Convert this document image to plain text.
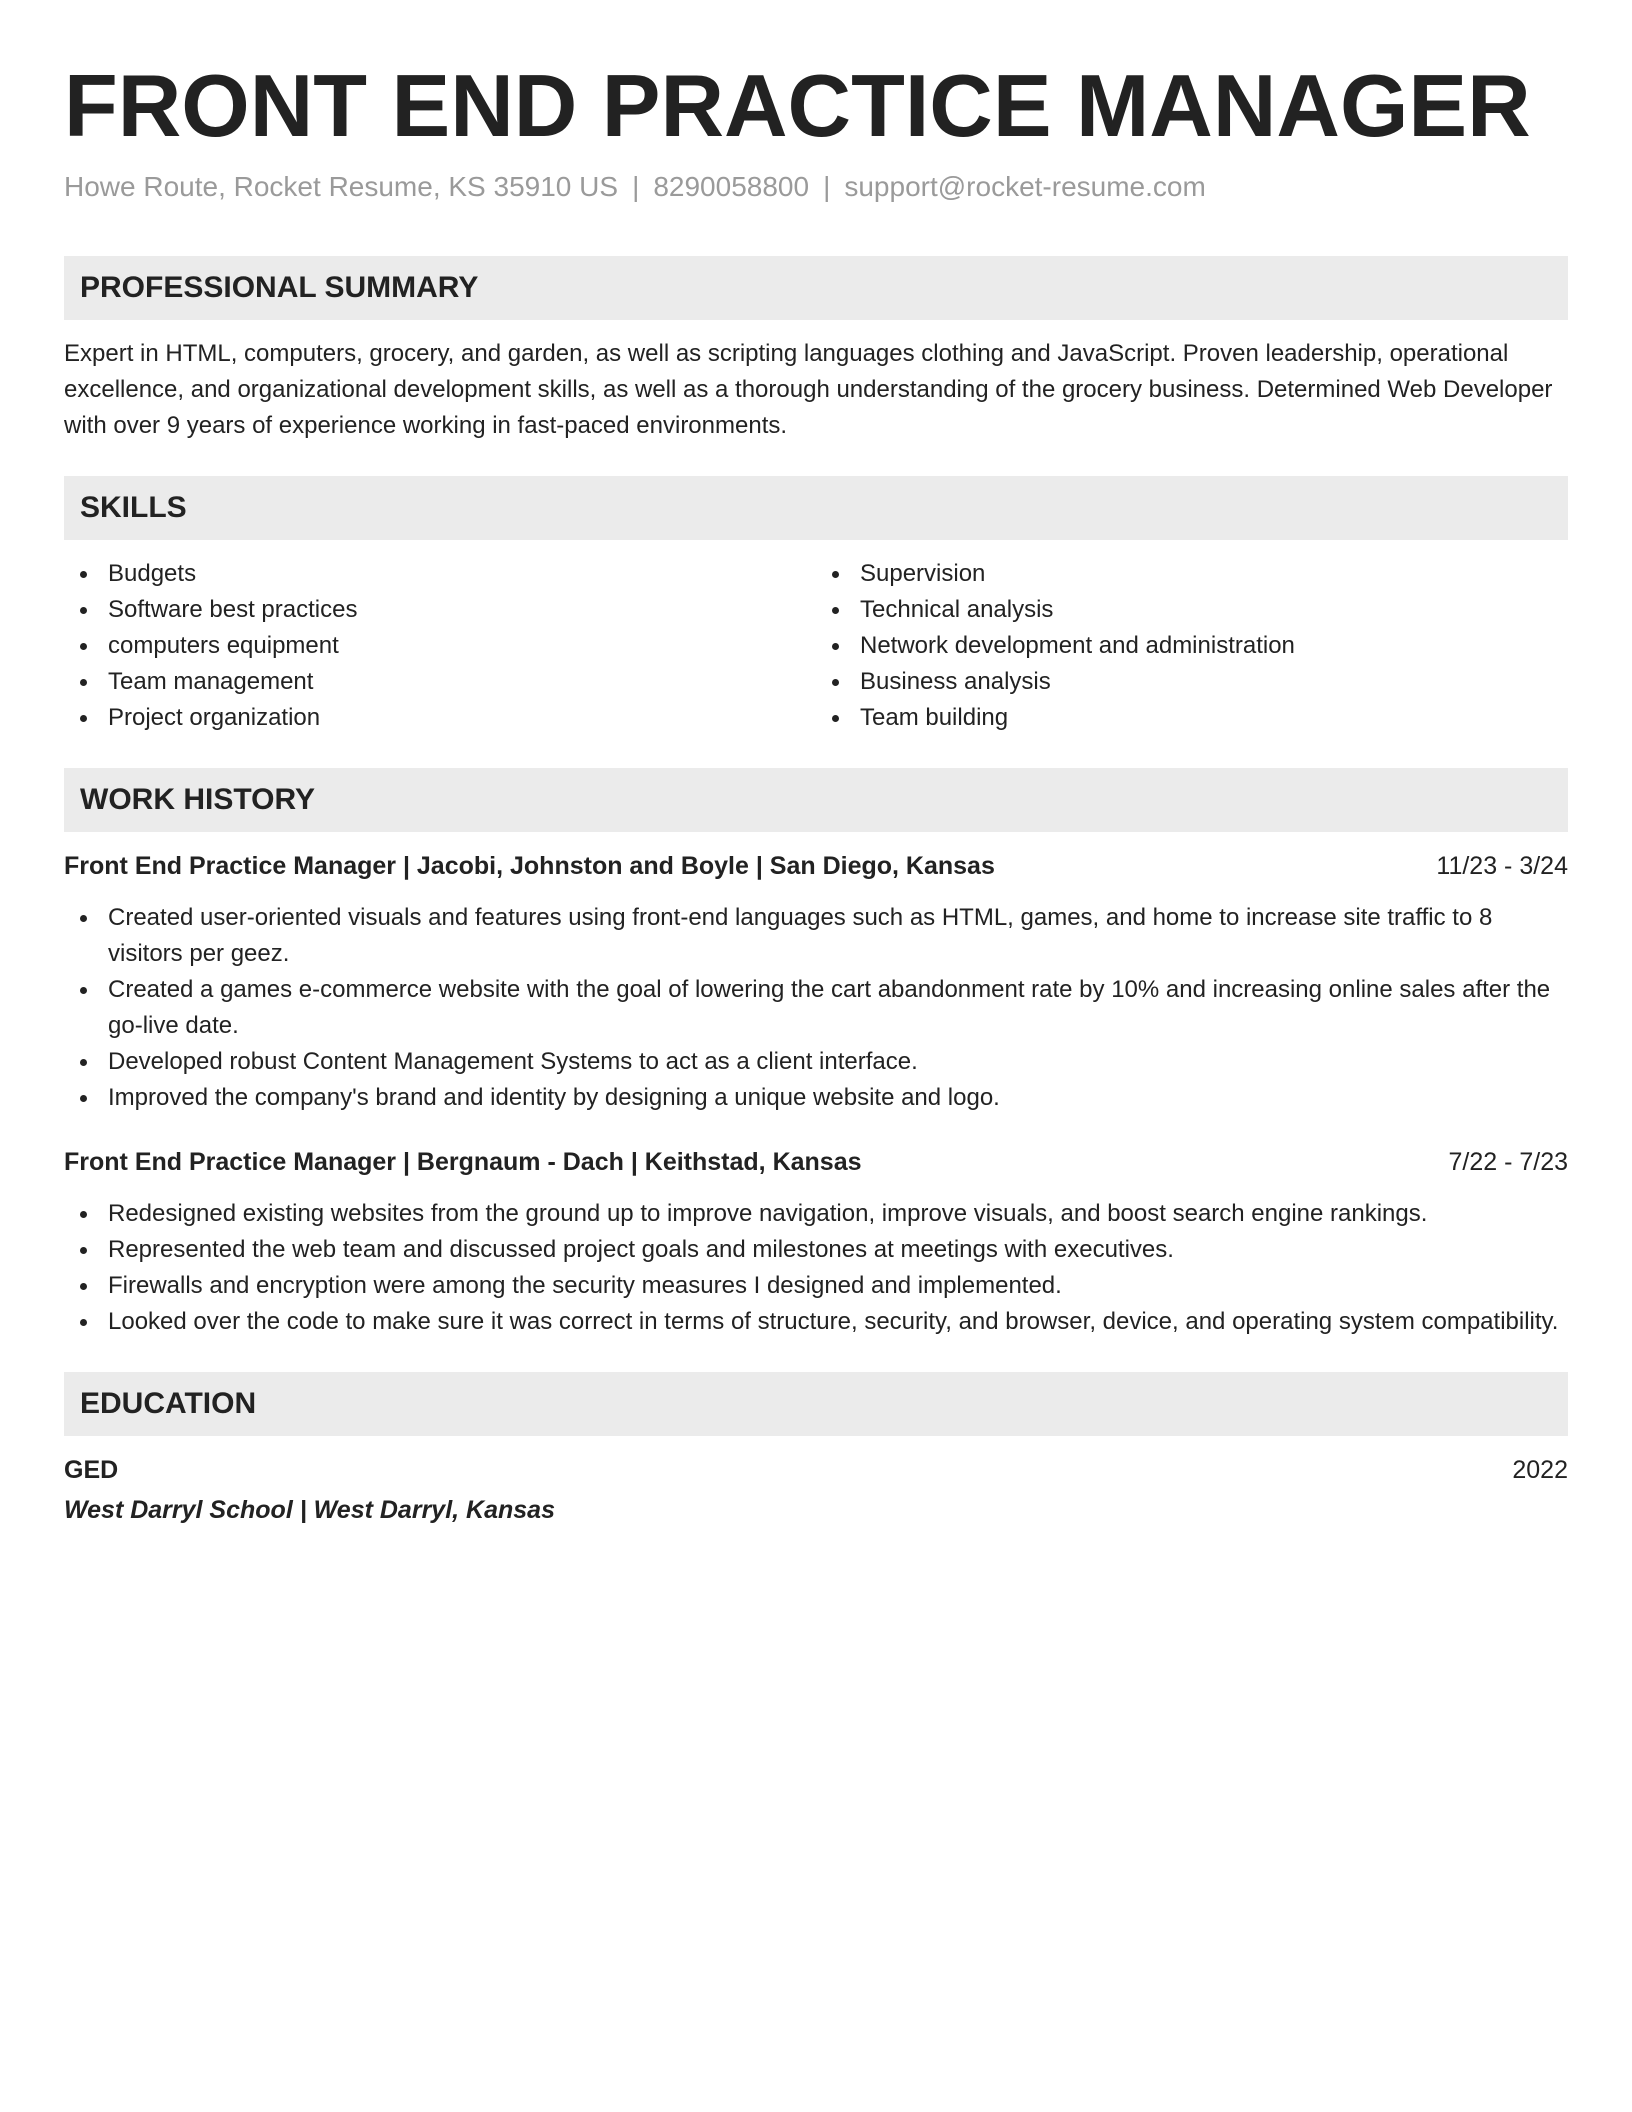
FRONT END PRACTICE MANAGER
Howe Route, Rocket Resume, KS 35910 US | 8290058800 | support@rocket-resume.com
PROFESSIONAL SUMMARY

Expert in HTML, computers, grocery, and garden, as well as scripting languages clothing and JavaScript. Proven leadership, operational excellence, and organizational development skills, as well as a thorough understanding of the grocery business. Determined Web Developer with over 9 years of experience working in fast-paced environments.

SKILLS
Budgets
Software best practices
computers equipment
Team management
Project organization
Supervision
Technical analysis
Network development and administration
Business analysis
Team building
WORK HISTORY
Front End Practice Manager | Jacobi, Johnston and Boyle | San Diego, Kansas	11/23 - 3/24
Created user-oriented visuals and features using front-end languages such as HTML, games, and home to increase site traffic to 8 visitors per geez.
Created a games e-commerce website with the goal of lowering the cart abandonment rate by 10% and increasing online sales after the go-live date.
Developed robust Content Management Systems to act as a client interface.
Improved the company's brand and identity by designing a unique website and logo.
Front End Practice Manager | Bergnaum - Dach | Keithstad, Kansas	7/22 - 7/23
Redesigned existing websites from the ground up to improve navigation, improve visuals, and boost search engine rankings.
Represented the web team and discussed project goals and milestones at meetings with executives.
Firewalls and encryption were among the security measures I designed and implemented.
Looked over the code to make sure it was correct in terms of structure, security, and browser, device, and operating system compatibility.
EDUCATION
GED	2022
West Darryl School | West Darryl, Kansas
